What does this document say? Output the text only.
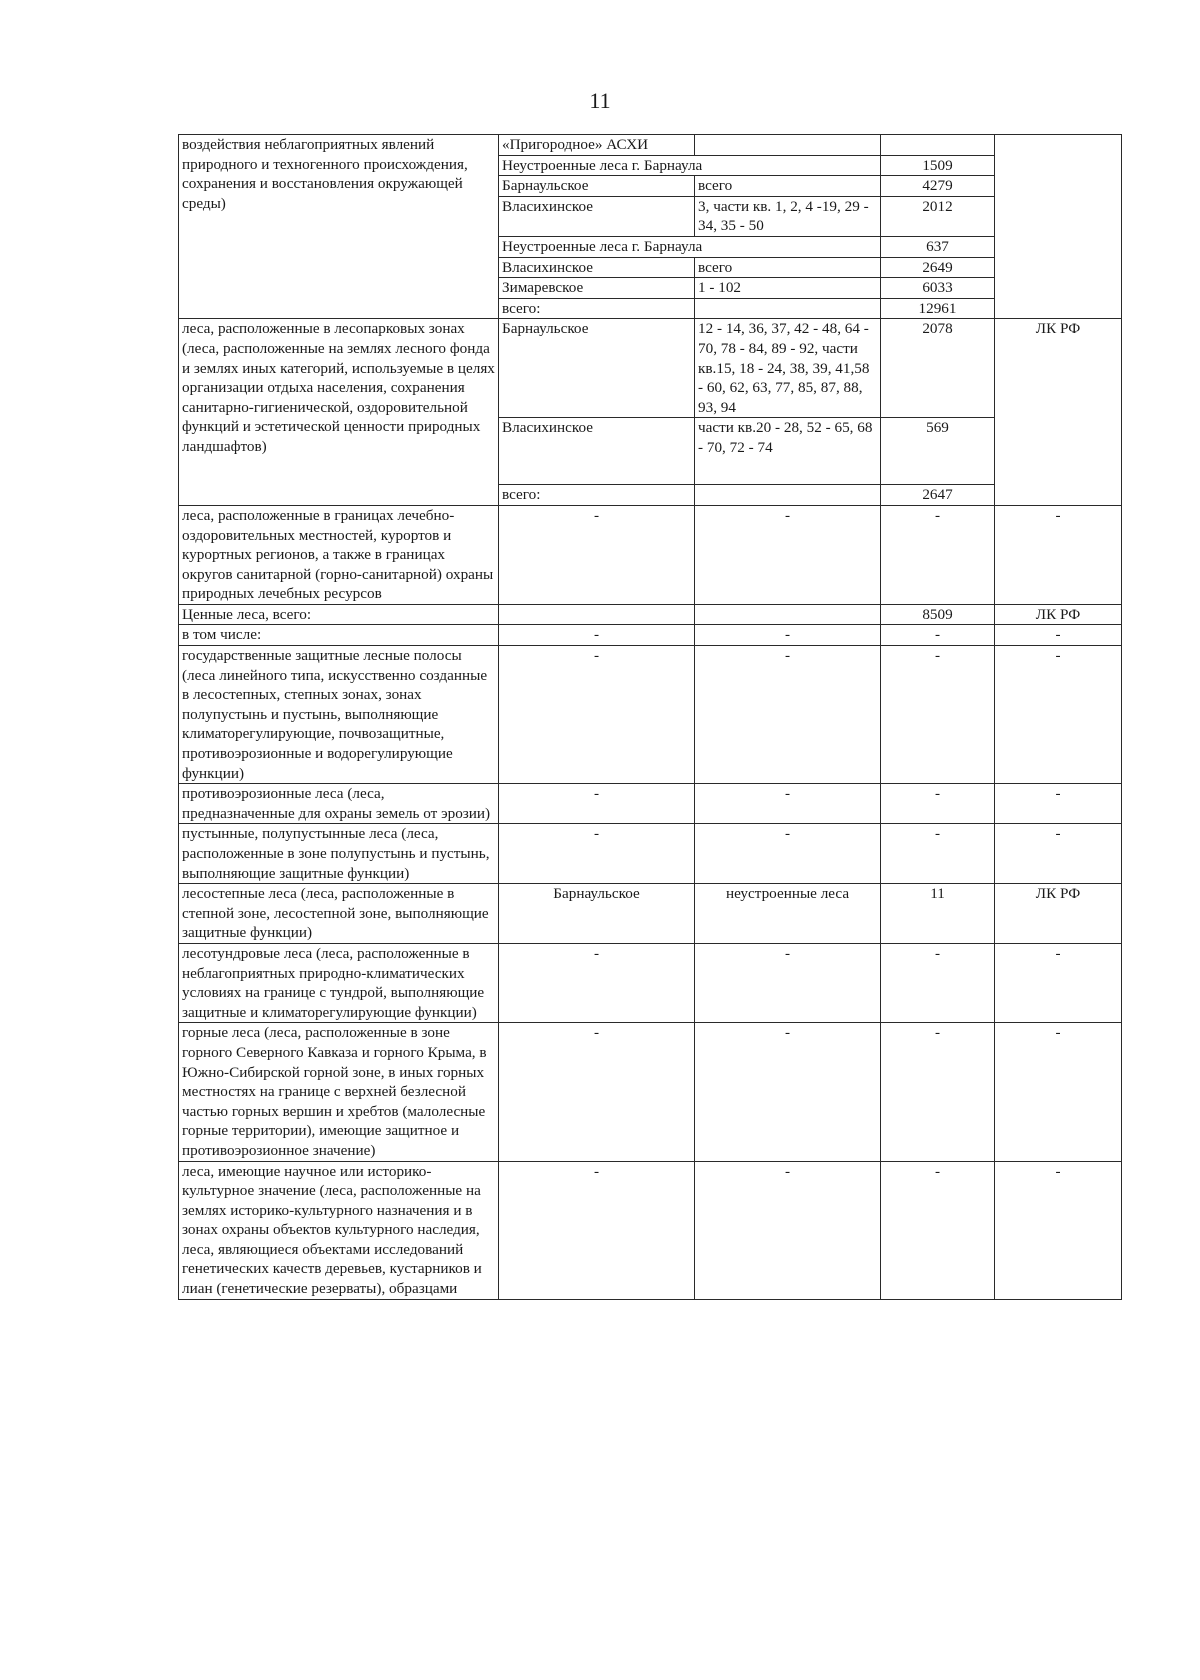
11
воздействия неблагоприятных явлений природного и техногенного происхождения, сохранения и восстановления окружающей среды)	«Пригородное» АСХИ			
	Неустроенные леса г. Барнаула		1509	
	Барнаульское	всего	4279	
	Власихинское	3, части кв. 1, 2, 4 -19, 29 - 34, 35 - 50	2012	
	Неустроенные леса г. Барнаула		637	
	Власихинское	всего	2649	
	Зимаревское	1 - 102	6033	
	всего:		12961	
леса, расположенные в лесопарковых зонах (леса, расположенные на землях лесного фонда и землях иных категорий, используемые в целях организации отдыха населения, сохранения санитарно-гигиенической, оздоровительной функций и эстетической ценности природных ландшафтов)	Барнаульское	12 - 14, 36, 37, 42 - 48, 64 - 70, 78 - 84, 89 - 92, части кв.15, 18 - 24, 38, 39, 41,58 - 60, 62, 63, 77, 85, 87, 88, 93, 94	2078	ЛК РФ
	Власихинское	части кв.20 - 28, 52 - 65, 68 - 70, 72 - 74	569	
	всего:		2647	
леса, расположенные в границах лечебно-оздоровительных местностей, курортов и курортных регионов, а также в границах округов санитарной (горно-санитарной) охраны природных лечебных ресурсов	-	-	-	-
Ценные леса, всего:			8509	ЛК РФ
в том числе:	-	-	-	-
государственные защитные лесные полосы (леса линейного типа, искусственно созданные в лесостепных, степных зонах, зонах полупустынь и пустынь, выполняющие климаторегулирующие, почвозащитные, противоэрозионные и водорегулирующие функции)	-	-	-	-
противоэрозионные леса (леса, предназначенные для охраны земель от эрозии)	-	-	-	-
пустынные, полупустынные леса (леса, расположенные в зоне полупустынь и пустынь, выполняющие защитные функции)	-	-	-	-
лесостепные леса (леса, расположенные в степной зоне, лесостепной зоне, выполняющие защитные функции)	Барнаульское	неустроенные леса	11	ЛК РФ
лесотундровые леса (леса, расположенные в неблагоприятных природно-климатических условиях на границе с тундрой, выполняющие защитные и климаторегулирующие функции)	-	-	-	-
горные леса (леса, расположенные в зоне горного Северного Кавказа и горного Крыма, в Южно-Сибирской горной зоне, в иных горных местностях на границе с верхней безлесной частью горных вершин и хребтов (малолесные горные территории), имеющие защитное и противоэрозионное значение)	-	-	-	-
леса, имеющие научное или историко-культурное значение (леса, расположенные на землях историко-культурного назначения и в зонах охраны объектов культурного наследия, леса, являющиеся объектами исследований генетических качеств деревьев, кустарников и лиан (генетические резерваты), образцами	-	-	-	-
